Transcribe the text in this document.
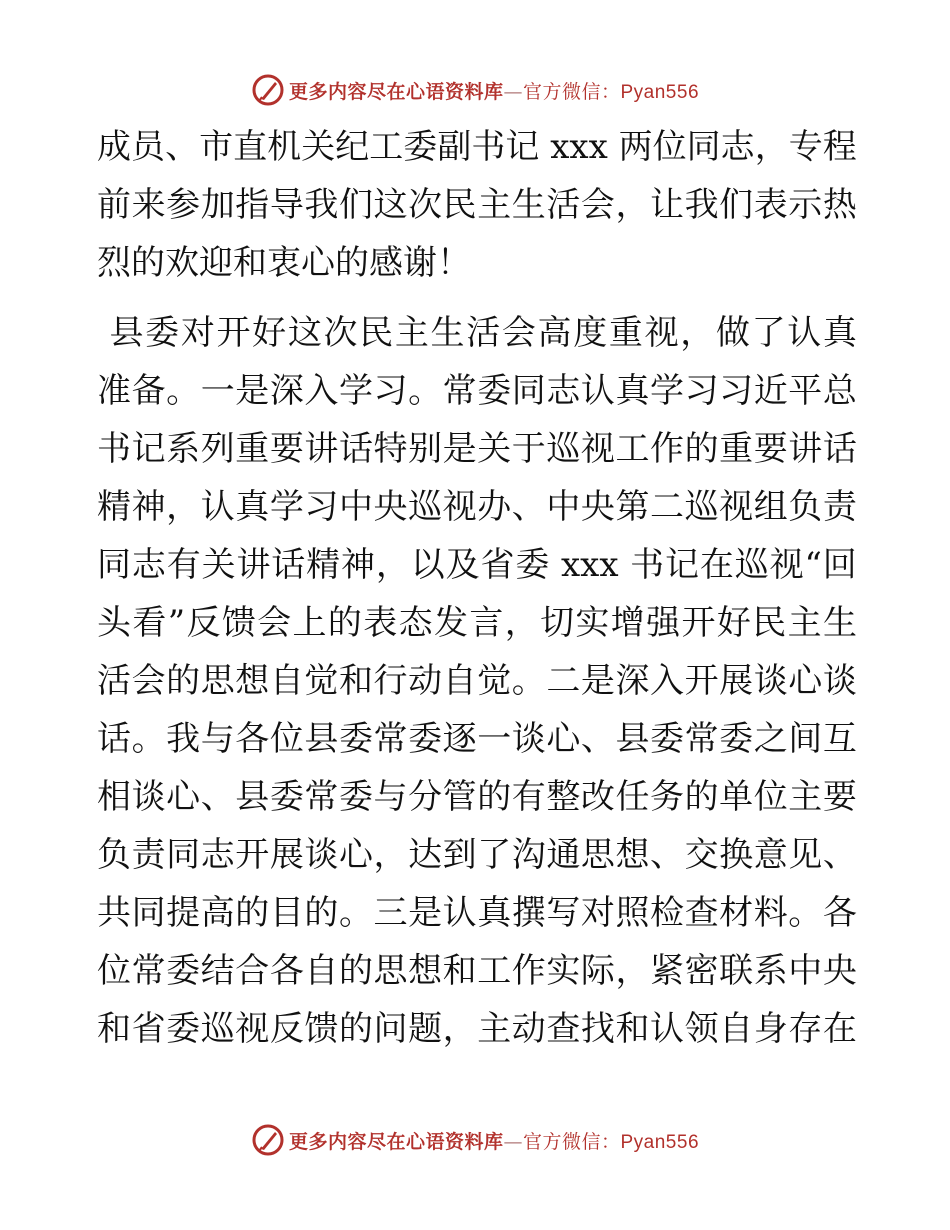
更多内容尽在心语资料库—官方微信：Pyan556
成 员 、 市 直 机 关 纪 工 委 副 书 记 xxx 两 位 同 志 ， 专 程
前 来 参 加 指 导 我 们 这 次 民 主 生 活 会 ， 让 我 们 表 示 热
烈的欢迎和衷心的感谢！

县 委 对 开 好 这 次 民 主 生 活 会 高 度 重 视 ， 做 了 认 真
准 备 。 一 是 深 入 学 习 。 常 委 同 志 认 真 学 习 习 近 平 总
书 记 系 列 重 要 讲 话 特 别 是 关 于 巡 视 工 作 的 重 要 讲 话
精 神 ， 认 真 学 习 中 央 巡 视 办 、 中 央 第 二 巡 视 组 负 责
同 志 有 关 讲 话 精 神 ， 以 及 省 委 xxx 书 记 在 巡 视 “ 回
头 看 ” 反 馈 会 上 的 表 态 发 言 ， 切 实 增 强 开 好 民 主 生
活 会 的 思 想 自 觉 和 行 动 自 觉 。 二 是 深 入 开 展 谈 心 谈
话 。 我 与 各 位 县 委 常 委 逐 一 谈 心 、 县 委 常 委 之 间 互
相 谈 心 、 县 委 常 委 与 分 管 的 有 整 改 任 务 的 单 位 主 要
负 责 同 志 开 展 谈 心 ， 达 到 了 沟 通 思 想 、 交 换 意 见 、
共 同 提 高 的 目 的 。 三 是 认 真 撰 写 对 照 检 查 材 料 。 各
位 常 委 结 合 各 自 的 思 想 和 工 作 实 际 ， 紧 密 联 系 中 央
和 省 委 巡 视 反 馈 的 问 题 ， 主 动 查 找 和 认 领 自 身 存 在
更多内容尽在心语资料库—官方微信：Pyan556
